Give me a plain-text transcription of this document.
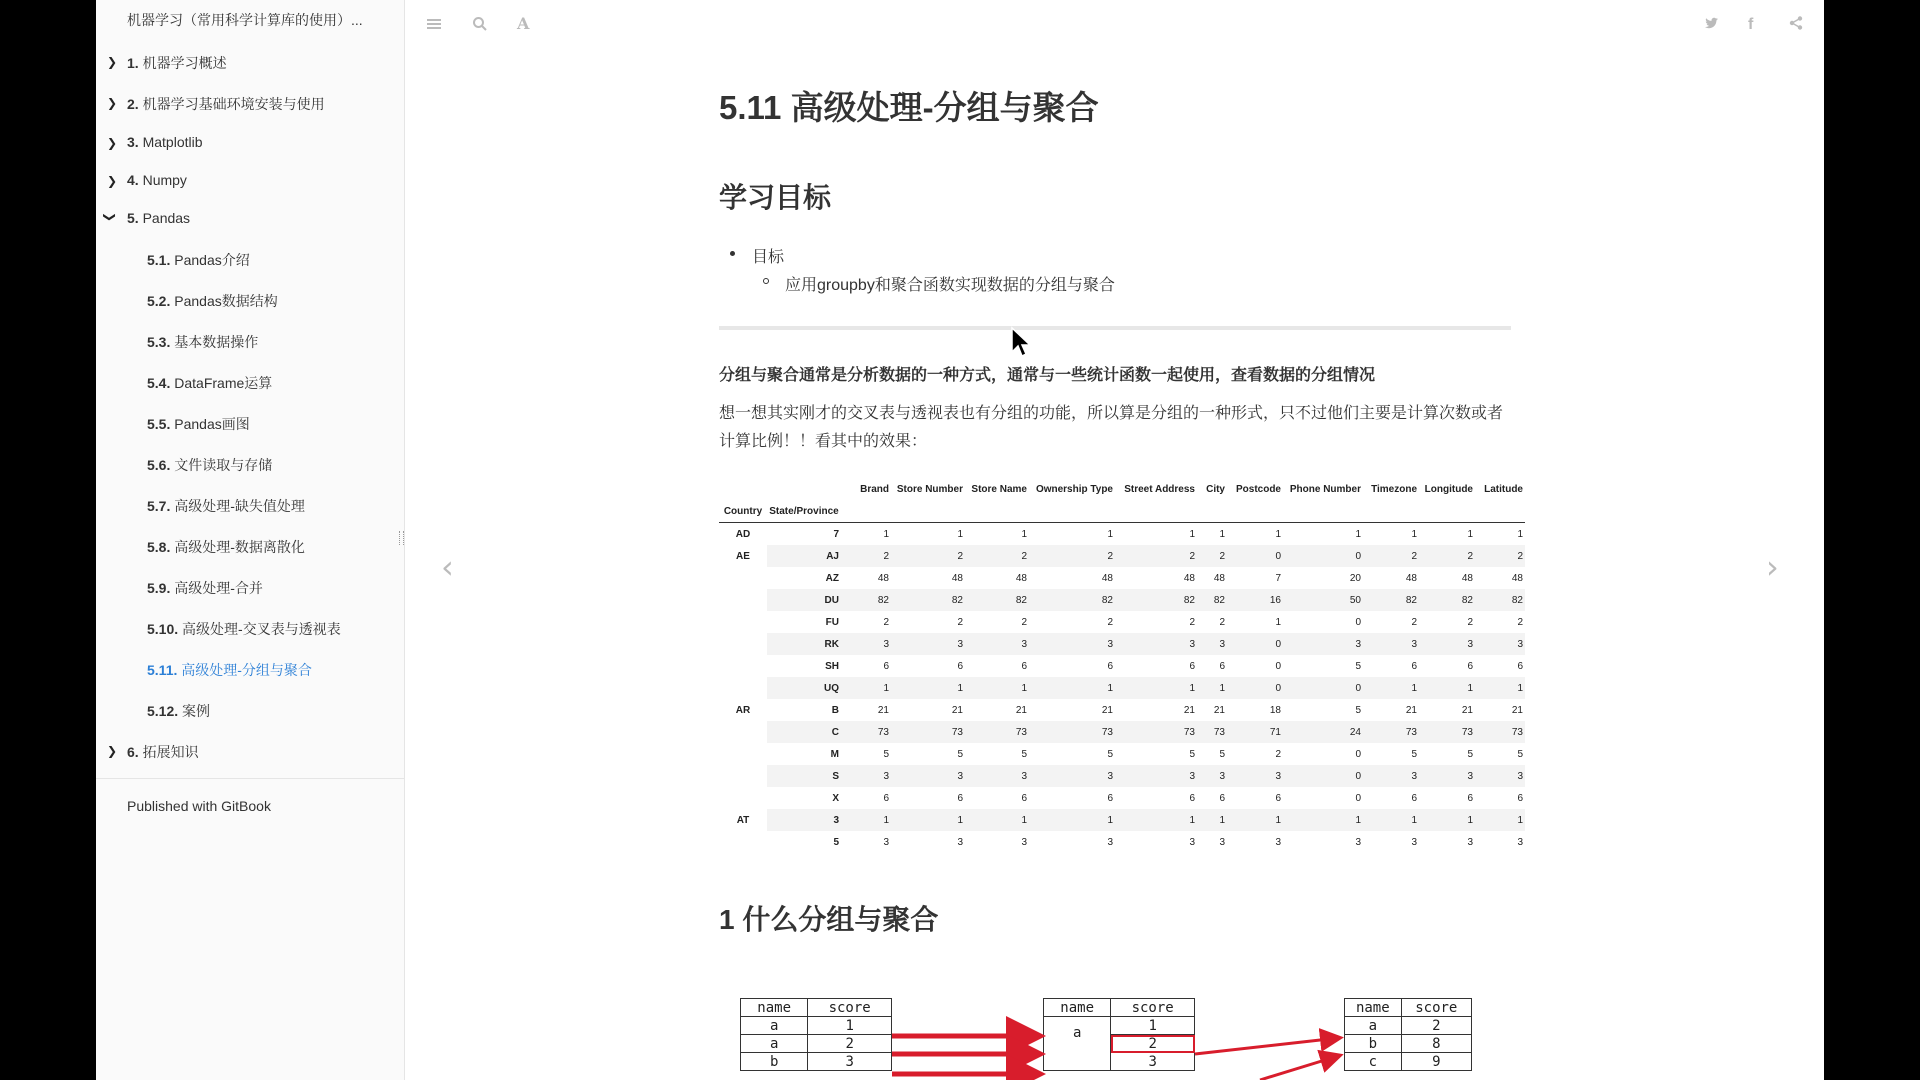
机器学习（常用科学计算库的使用）...
❯ 1. 机器学习概述
❯ 2. 机器学习基础环境安装与使用
❯ 3. Matplotlib
❯ 4. Numpy
❯ 5. Pandas
5.1. Pandas介绍
5.2. Pandas数据结构
5.3. 基本数据操作
5.4. DataFrame运算
5.5. Pandas画图
5.6. 文件读取与存储
5.7. 高级处理-缺失值处理
5.8. 高级处理-数据离散化
5.9. 高级处理-合并
5.10. 高级处理-交叉表与透视表
5.11. 高级处理-分组与聚合
5.12. 案例
❯ 6. 拓展知识
Published with GitBook
A	f
‹	›
5.11 高级处理-分组与聚合
学习目标
目标
应用groupby和聚合函数实现数据的分组与聚合
分组与聚合通常是分析数据的一种方式，通常与一些统计函数一起使用，查看数据的分组情况
想一想其实刚才的交叉表与透视表也有分组的功能，所以算是分组的一种形式，只不过他们主要是计算次数或者计算比例！！看其中的效果：
		Brand	Store Number	Store Name	Ownership Type	Street Address	City	Postcode	Phone Number	Timezone	Longitude	Latitude
Country	State/Province											
AD	7	1	1	1	1	1	1	1	1	1	1	1
AE	AJ	2	2	2	2	2	2	0	0	2	2	2
	AZ	48	48	48	48	48	48	7	20	48	48	48
	DU	82	82	82	82	82	82	16	50	82	82	82
	FU	2	2	2	2	2	2	1	0	2	2	2
	RK	3	3	3	3	3	3	0	3	3	3	3
	SH	6	6	6	6	6	6	0	5	6	6	6
	UQ	1	1	1	1	1	1	0	0	1	1	1
AR	B	21	21	21	21	21	21	18	5	21	21	21
	C	73	73	73	73	73	73	71	24	73	73	73
	M	5	5	5	5	5	5	2	0	5	5	5
	S	3	3	3	3	3	3	3	0	3	3	3
	X	6	6	6	6	6	6	6	0	6	6	6
AT	3	1	1	1	1	1	1	1	1	1	1	1
	5	3	3	3	3	3	3	3	3	3	3	3
1 什么分组与聚合
name	score
a	1
a	2
b	3
name	score
a	1
	2
	3
name	score
a	2
b	8
c	9
